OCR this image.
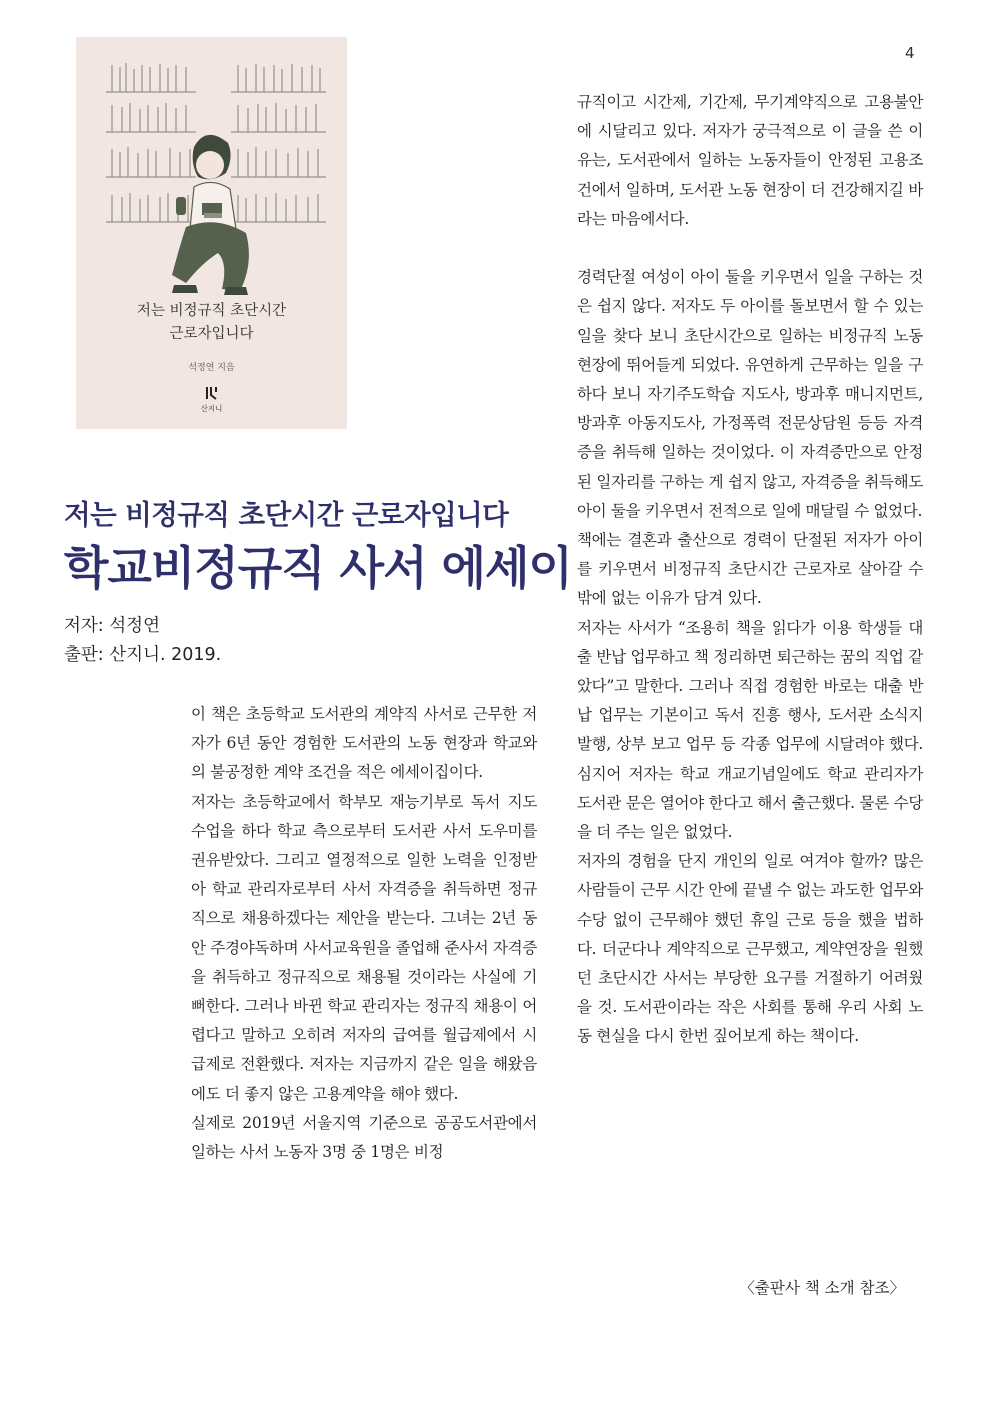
4
저는 비정규직 초단시간
근로자입니다
석정연 지음
산지니
저는 비정규직 초단시간 근로자입니다
학교비정규직 사서 에세이
저자: 석정연
출판: 산지니. 2019.

이 책은 초등학교 도서관의 계약직 사서로 근무한 저자가 6년 동안 경험한 도서관의 노동 현장과 학교와의 불공정한 계약 조건을 적은 에세이집이다.

저자는 초등학교에서 학부모 재능기부로 독서 지도 수업을 하다 학교 측으로부터 도서관 사서 도우미를 권유받았다. 그리고 열정적으로 일한 노력을 인정받아 학교 관리자로부터 사서 자격증을 취득하면 정규직으로 채용하겠다는 제안을 받는다. 그녀는 2년 동안 주경야독하며 사서교육원을 졸업해 준사서 자격증을 취득하고 정규직으로 채용될 것이라는 사실에 기뻐한다. 그러나 바뀐 학교 관리자는 정규직 채용이 어렵다고 말하고 오히려 저자의 급여를 월급제에서 시급제로 전환했다. 저자는 지금까지 같은 일을 해왔음에도 더 좋지 않은 고용계약을 해야 했다.

실제로 2019년 서울지역 기준으로 공공도서관에서 일하는 사서 노동자 3명 중 1명은 비정

규직이고 시간제, 기간제, 무기계약직으로 고용불안에 시달리고 있다. 저자가 궁극적으로 이 글을 쓴 이유는, 도서관에서 일하는 노동자들이 안정된 고용조건에서 일하며, 도서관 노동 현장이 더 건강해지길 바라는 마음에서다.

경력단절 여성이 아이 둘을 키우면서 일을 구하는 것은 쉽지 않다. 저자도 두 아이를 돌보면서 할 수 있는 일을 찾다 보니 초단시간으로 일하는 비정규직 노동 현장에 뛰어들게 되었다. 유연하게 근무하는 일을 구하다 보니 자기주도학습 지도사, 방과후 매니지먼트, 방과후 아동지도사, 가정폭력 전문상담원 등등 자격증을 취득해 일하는 것이었다. 이 자격증만으로 안정된 일자리를 구하는 게 쉽지 않고, 자격증을 취득해도 아이 둘을 키우면서 전적으로 일에 매달릴 수 없었다.

책에는 결혼과 출산으로 경력이 단절된 저자가 아이를 키우면서 비정규직 초단시간 근로자로 살아갈 수밖에 없는 이유가 담겨 있다.

저자는 사서가 “조용히 책을 읽다가 이용 학생들 대출 반납 업무하고 책 정리하면 퇴근하는 꿈의 직업 같았다”고 말한다. 그러나 직접 경험한 바로는 대출 반납 업무는 기본이고 독서 진흥 행사, 도서관 소식지 발행, 상부 보고 업무 등 각종 업무에 시달려야 했다. 심지어 저자는 학교 개교기념일에도 학교 관리자가 도서관 문은 열어야 한다고 해서 출근했다. 물론 수당을 더 주는 일은 없었다.

저자의 경험을 단지 개인의 일로 여겨야 할까? 많은 사람들이 근무 시간 안에 끝낼 수 없는 과도한 업무와 수당 없이 근무해야 했던 휴일 근로 등을 했을 법하다. 더군다나 계약직으로 근무했고, 계약연장을 원했던 초단시간 사서는 부당한 요구를 거절하기 어려웠을 것. 도서관이라는 작은 사회를 통해 우리 사회 노동 현실을 다시 한번 짚어보게 하는 책이다.

〈출판사 책 소개 참조〉
